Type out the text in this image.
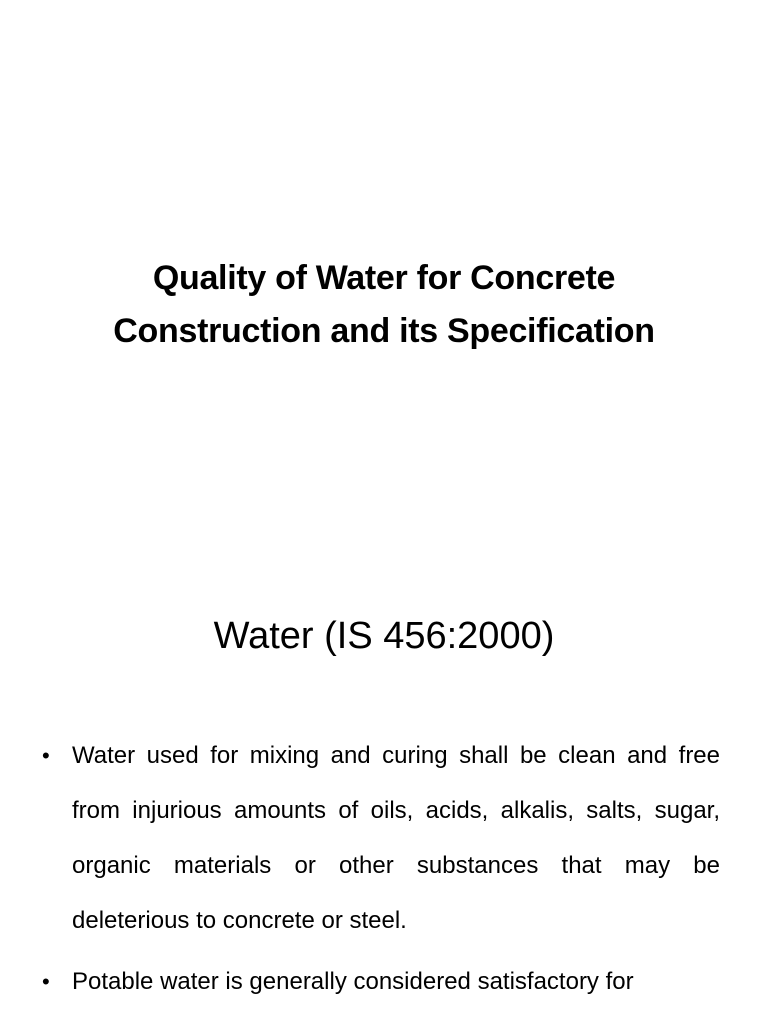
Quality of Water for Concrete
Construction and its Specification
Water (IS 456:2000)
• Water used for mixing and curing shall be clean and free from injurious amounts of oils, acids, alkalis, salts, sugar, organic materials or other substances that may be deleterious to concrete or steel.
• Potable water is generally considered satisfactory for
